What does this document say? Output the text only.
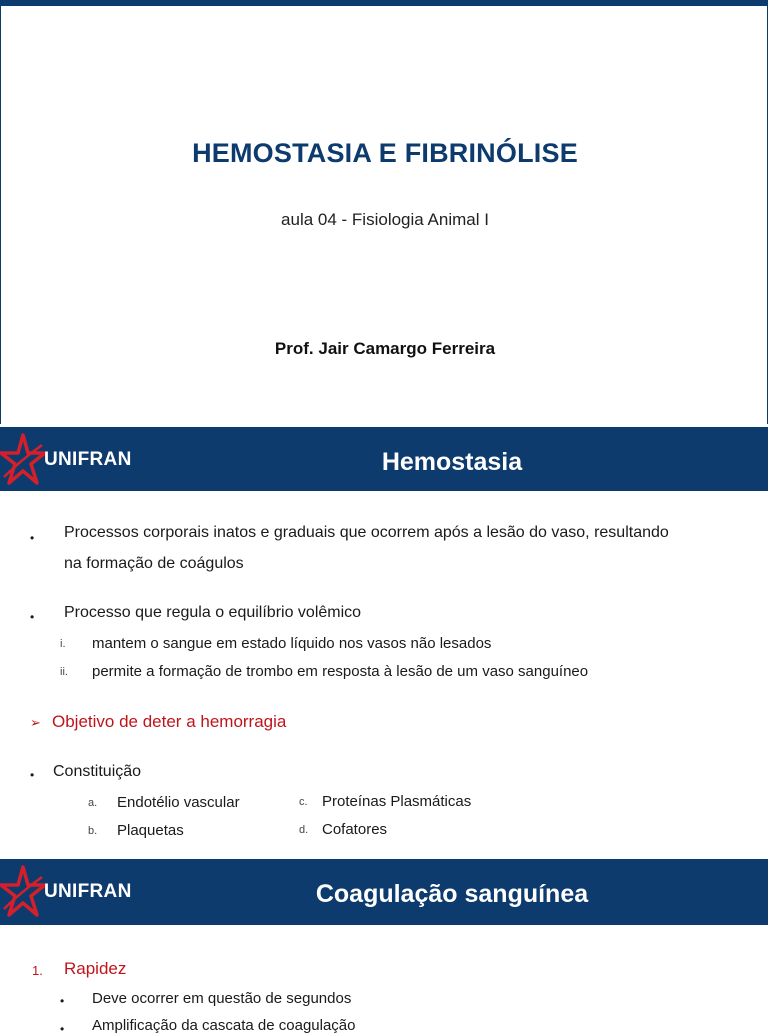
HEMOSTASIA E FIBRINÓLISE
aula 04 - Fisiologia Animal I
Prof. Jair Camargo Ferreira
UNIFRAN	Hemostasia
• Processos corporais inatos e graduais que ocorrem após a lesão do vaso, resultando
na formação de coágulos
• Processo que regula o equilíbrio volêmico
i. mantem o sangue em estado líquido nos vasos não lesados
ii. permite a formação de trombo em resposta à lesão de um vaso sanguíneo
➢ Objetivo de deter a hemorragia
• Constituição
a. Endotélio vascular
b. Plaquetas
c. Proteínas Plasmáticas
d. Cofatores
UNIFRAN	Coagulação sanguínea
1. Rapidez
• Deve ocorrer em questão de segundos
• Amplificação da cascata de coagulação
